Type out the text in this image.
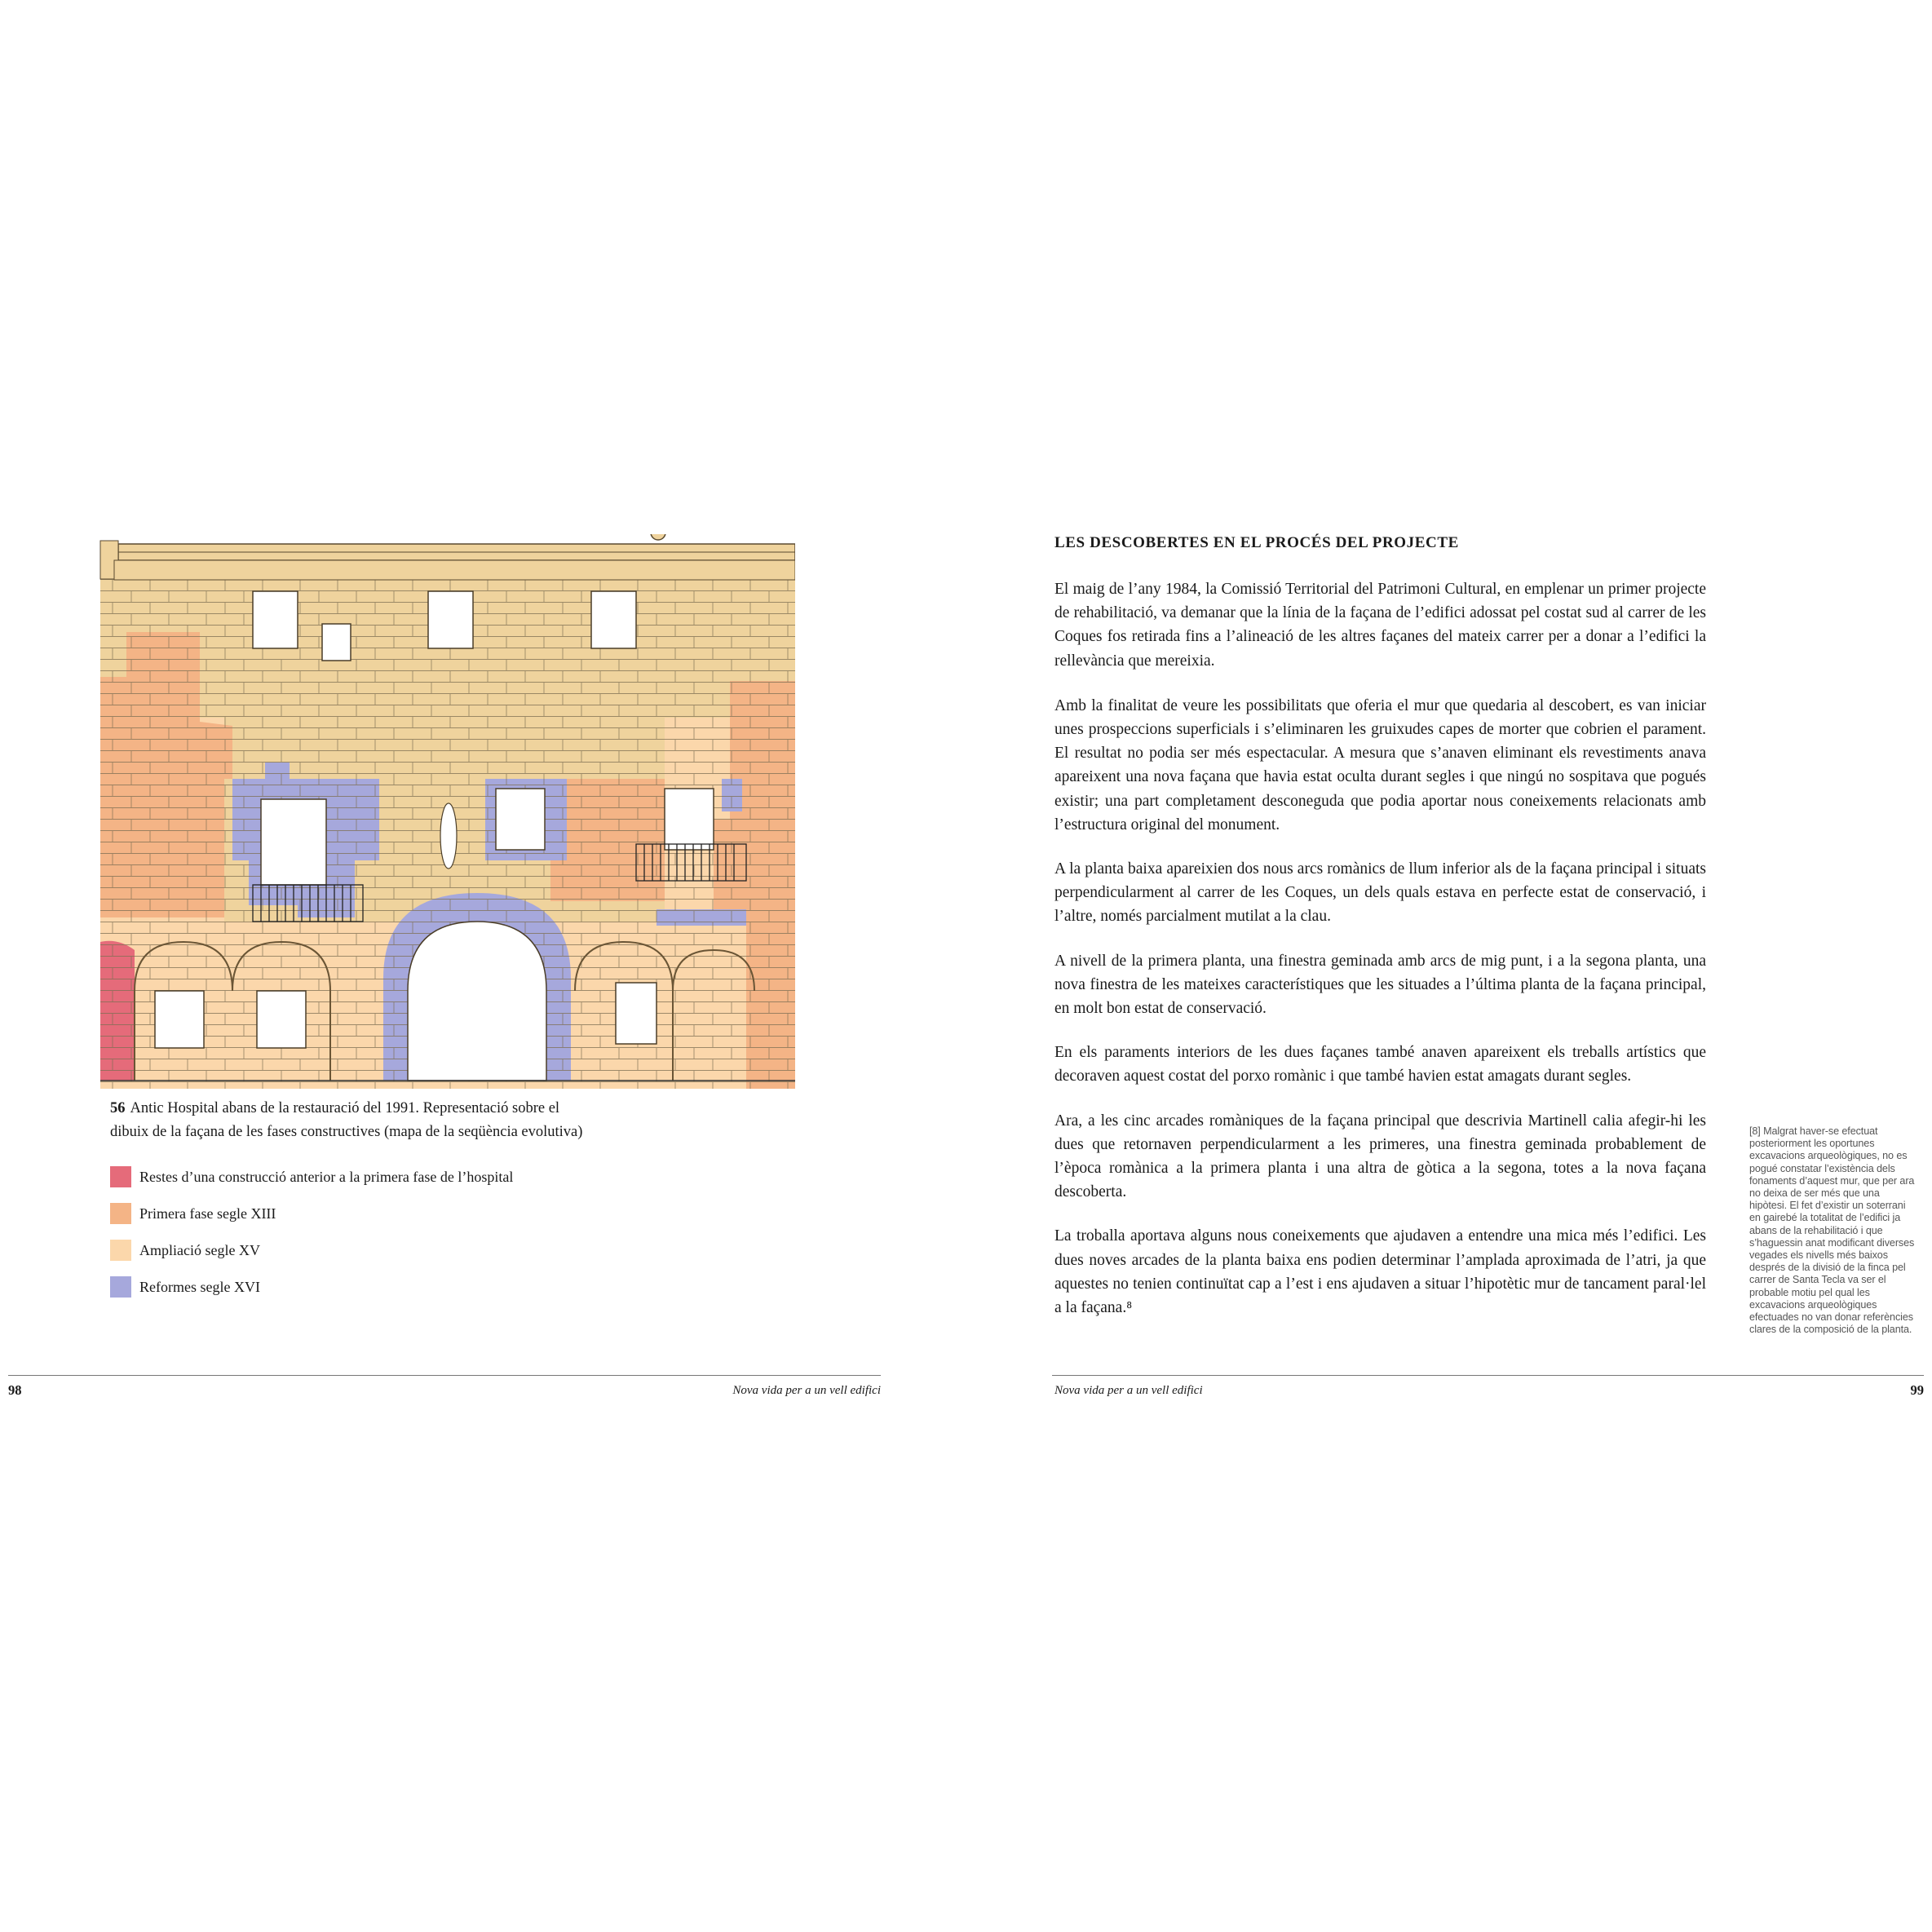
56 Antic Hospital abans de la restauració del 1991. Representació sobre el dibuix de la façana de les fases constructives (mapa de la seqüència evolutiva)
Restes d’una construcció anterior a la primera fase de l’hospital
Primera fase segle XIII
Ampliació segle XV
Reformes segle XVI
LES DESCOBERTES EN EL PROCÉS DEL PROJECTE

El maig de l’any 1984, la Comissió Territorial del Patrimoni Cultural, en emplenar un primer projecte de rehabilitació, va demanar que la línia de la façana de l’edifici adossat pel costat sud al carrer de les Coques fos retirada fins a l’alineació de les altres façanes del mateix carrer per a donar a l’edifici la rellevància que mereixia.

Amb la finalitat de veure les possibilitats que oferia el mur que quedaria al descobert, es van iniciar unes prospeccions superficials i s’eliminaren les gruixudes capes de morter que cobrien el parament. El resultat no podia ser més espectacular. A mesura que s’anaven eliminant els revestiments anava apareixent una nova façana que havia estat oculta durant segles i que ningú no sospitava que pogués existir; una part completament desconeguda que podia aportar nous coneixements relacionats amb l’estructura original del monument.

A la planta baixa apareixien dos nous arcs romànics de llum inferior als de la façana principal i situats perpendicularment al carrer de les Coques, un dels quals estava en perfecte estat de conservació, i l’altre, només parcialment mutilat a la clau.

A nivell de la primera planta, una finestra geminada amb arcs de mig punt, i a la segona planta, una nova finestra de les mateixes característiques que les situades a l’última planta de la façana principal, en molt bon estat de conservació.

En els paraments interiors de les dues façanes també anaven apareixent els treballs artístics que decoraven aquest costat del porxo romànic i que també havien estat amagats durant segles.

Ara, a les cinc arcades romàniques de la façana principal que descrivia Martinell calia afegir-hi les dues que retornaven perpendicularment a les primeres, una finestra geminada probablement de l’època romànica a la primera planta i una altra de gòtica a la segona, totes a la nova façana descoberta.

La troballa aportava alguns nous coneixements que ajudaven a entendre una mica més l’edifici. Les dues noves arcades de la planta baixa ens podien determinar l’amplada aproximada de l’atri, ja que aquestes no tenien continuïtat cap a l’est i ens ajudaven a situar l’hipotètic mur de tancament paral·lel a la façana.⁸

[8] Malgrat haver-se efectuat posteriorment les oportunes excavacions arqueològiques, no es pogué constatar l’existència dels fonaments d’aquest mur, que per ara no deixa de ser més que una hipòtesi. El fet d’existir un soterrani en gairebé la totalitat de l’edifici ja abans de la rehabilitació i que s’haguessin anat modificant diverses vegades els nivells més baixos després de la divisió de la finca pel carrer de Santa Tecla va ser el probable motiu pel qual les excavacions arqueològiques efectuades no van donar referències clares de la composició de la planta.
98	Nova vida per a un vell edifici	Nova vida per a un vell edifici	99
